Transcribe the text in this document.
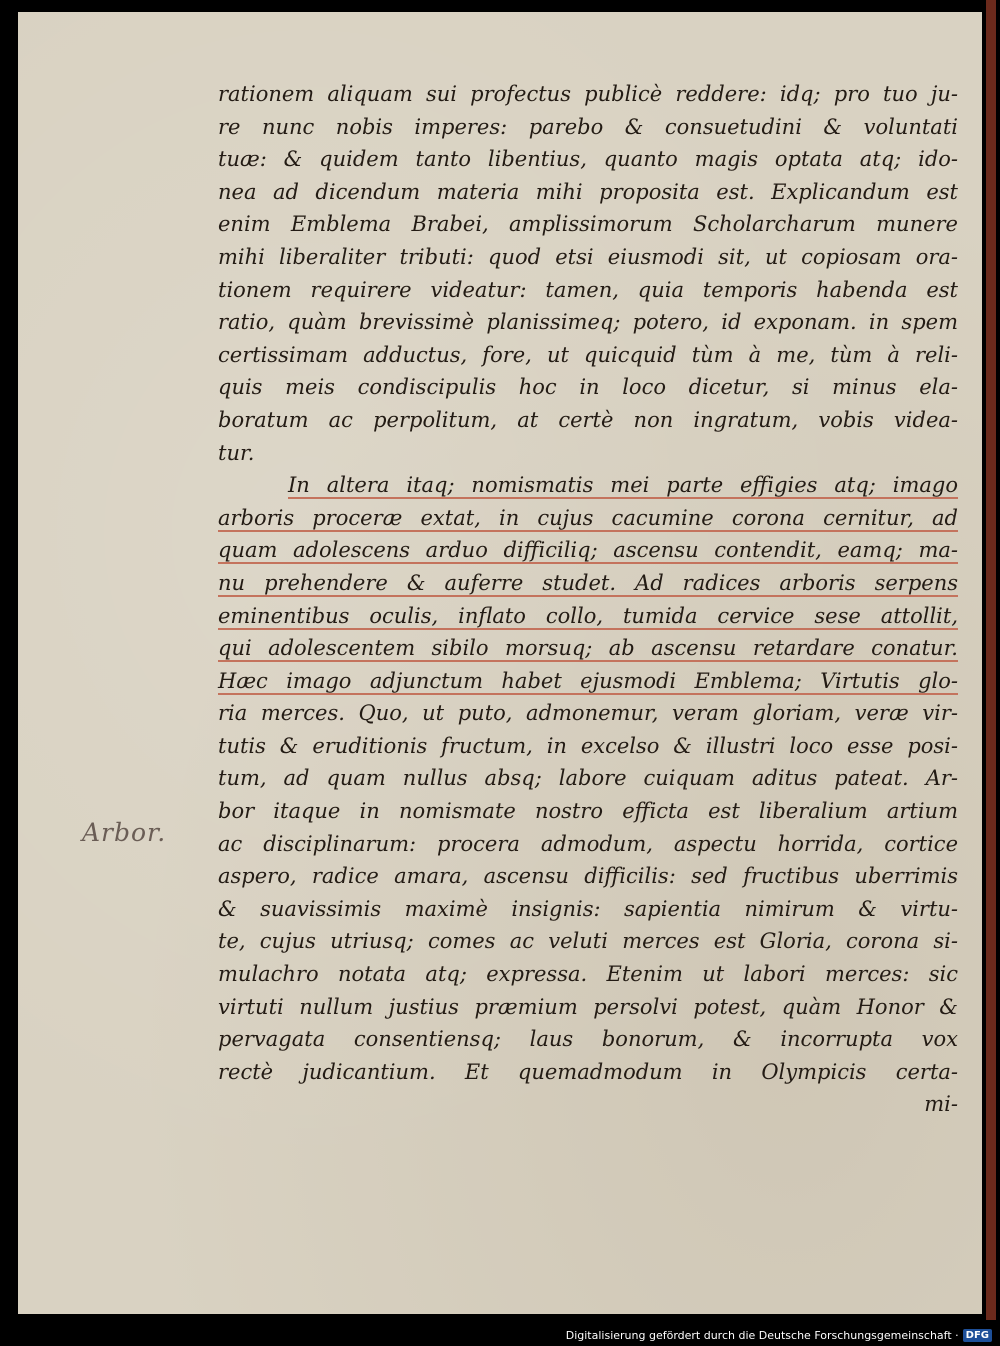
Arbor.
rationem aliquam sui profectus publicè reddere: idq; pro tuo ju-
re nunc nobis imperes: parebo & consuetudini & voluntati
tuæ: & quidem tanto libentius, quanto magis optata atq; ido-
nea ad dicendum materia mihi proposita est. Explicandum est
enim Emblema Brabei, amplissimorum Scholarcharum munere
mihi liberaliter tributi: quod etsi eiusmodi sit, ut copiosam ora-
tionem requirere videatur: tamen, quia temporis habenda est
ratio, quàm brevissimè planissimeq; potero, id exponam. in spem
certissimam adductus, fore, ut quicquid tùm à me, tùm à reli-
quis meis condiscipulis hoc in loco dicetur, si minus ela-
boratum ac perpolitum, at certè non ingratum, vobis videa-
tur.
In altera itaq; nomismatis mei parte effigies atq; imago
arboris proceræ extat, in cujus cacumine corona cernitur, ad
quam adolescens arduo difficiliq; ascensu contendit, eamq; ma-
nu prehendere & auferre studet. Ad radices arboris serpens
eminentibus oculis, inflato collo, tumida cervice sese attollit,
qui adolescentem sibilo morsuq; ab ascensu retardare conatur.
Hæc imago adjunctum habet ejusmodi Emblema; Virtutis glo-
ria merces. Quo, ut puto, admonemur, veram gloriam, veræ vir-
tutis & eruditionis fructum, in excelso & illustri loco esse posi-
tum, ad quam nullus absq; labore cuiquam aditus pateat. Ar-
bor itaque in nomismate nostro efficta est liberalium artium
ac disciplinarum: procera admodum, aspectu horrida, cortice
aspero, radice amara, ascensu difficilis: sed fructibus uberrimis
& suavissimis maximè insignis: sapientia nimirum & virtu-
te, cujus utriusq; comes ac veluti merces est Gloria, corona si-
mulachro notata atq; expressa. Etenim ut labori merces: sic
virtuti nullum justius præmium persolvi potest, quàm Honor &
pervagata consentiensq; laus bonorum, & incorrupta vox
rectè judicantium. Et quemadmodum in Olympicis certa-
mi-
Digitalisierung gefördert durch die Deutsche Forschungsgemeinschaft · DFG
